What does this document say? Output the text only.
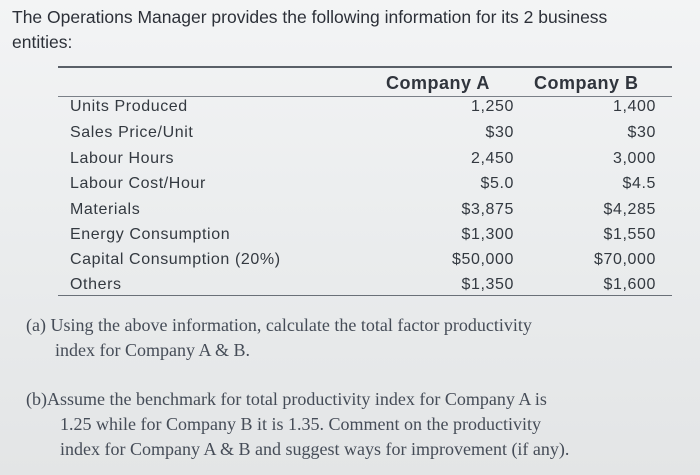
The Operations Manager provides the following information for its 2 business
entities:
Company A Company B
Units Produced	1,250	1,400
Sales Price/Unit	$30	$30
Labour Hours	2,450	3,000
Labour Cost/Hour	$5.0	$4.5
Materials	$3,875	$4,285
Energy Consumption	$1,300	$1,550
Capital Consumption (20%)	$50,000	$70,000
Others	$1,350	$1,600
(a) Using the above information, calculate the total factor productivity
index for Company A & B.
(b)Assume the benchmark for total productivity index for Company A is
1.25 while for Company B it is 1.35. Comment on the productivity
index for Company A & B and suggest ways for improvement (if any).
